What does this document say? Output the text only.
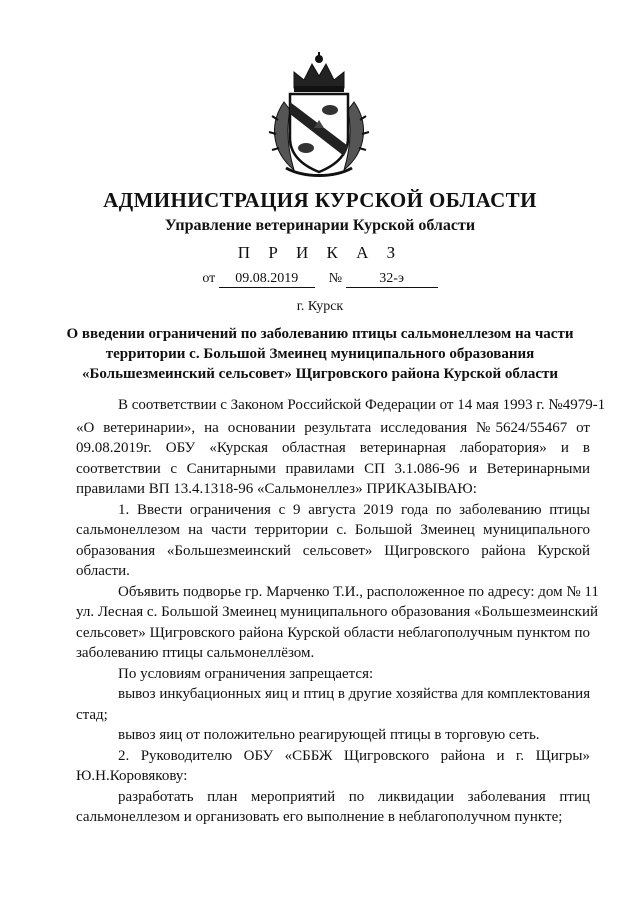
АДМИНИСТРАЦИЯ КУРСКОЙ ОБЛАСТИ
Управление ветеринарии Курской области
П Р И К А З
от 09.08.2019 №	32-э
г. Курск
О введении ограничений по заболеванию птицы сальмонеллезом на части
территории с. Большой Змеинец муниципального образования
«Большезмеинский сельсовет» Щигровского района Курской области
В соответствии с Законом Российской Федерации от 14 мая 1993 г. №4979-1
«О ветеринарии», на основании результата исследования №5624/55467 от
09.08.2019г. ОБУ «Курская областная ветеринарная лаборатория» и в
соответствии с Санитарными правилами СП 3.1.086-96 и Ветеринарными
правилами ВП 13.4.1318-96 «Сальмонеллез» ПРИКАЗЫВАЮ:
1. Ввести ограничения с 9 августа 2019 года по заболеванию птицы
сальмонеллезом на части территории с. Большой Змеинец муниципального
образования «Большезмеинский сельсовет» Щигровского района Курской
области.
Объявить подворье гр. Марченко Т.И., расположенное по адресу: дом № 11
ул. Лесная с. Большой Змеинец муниципального образования «Большезмеинский
сельсовет» Щигровского района Курской области неблагополучным пунктом по
заболеванию птицы сальмонеллёзом.
По условиям ограничения запрещается:
вывоз инкубационных яиц и птиц в другие хозяйства для комплектования
стад;
вывоз яиц от положительно реагирующей птицы в торговую сеть.
2. Руководителю ОБУ «СББЖ Щигровского района и г. Щигры»
Ю.Н.Коровякову:
разработать план мероприятий по ликвидации заболевания птиц
сальмонеллезом и организовать его выполнение в неблагополучном пункте;
